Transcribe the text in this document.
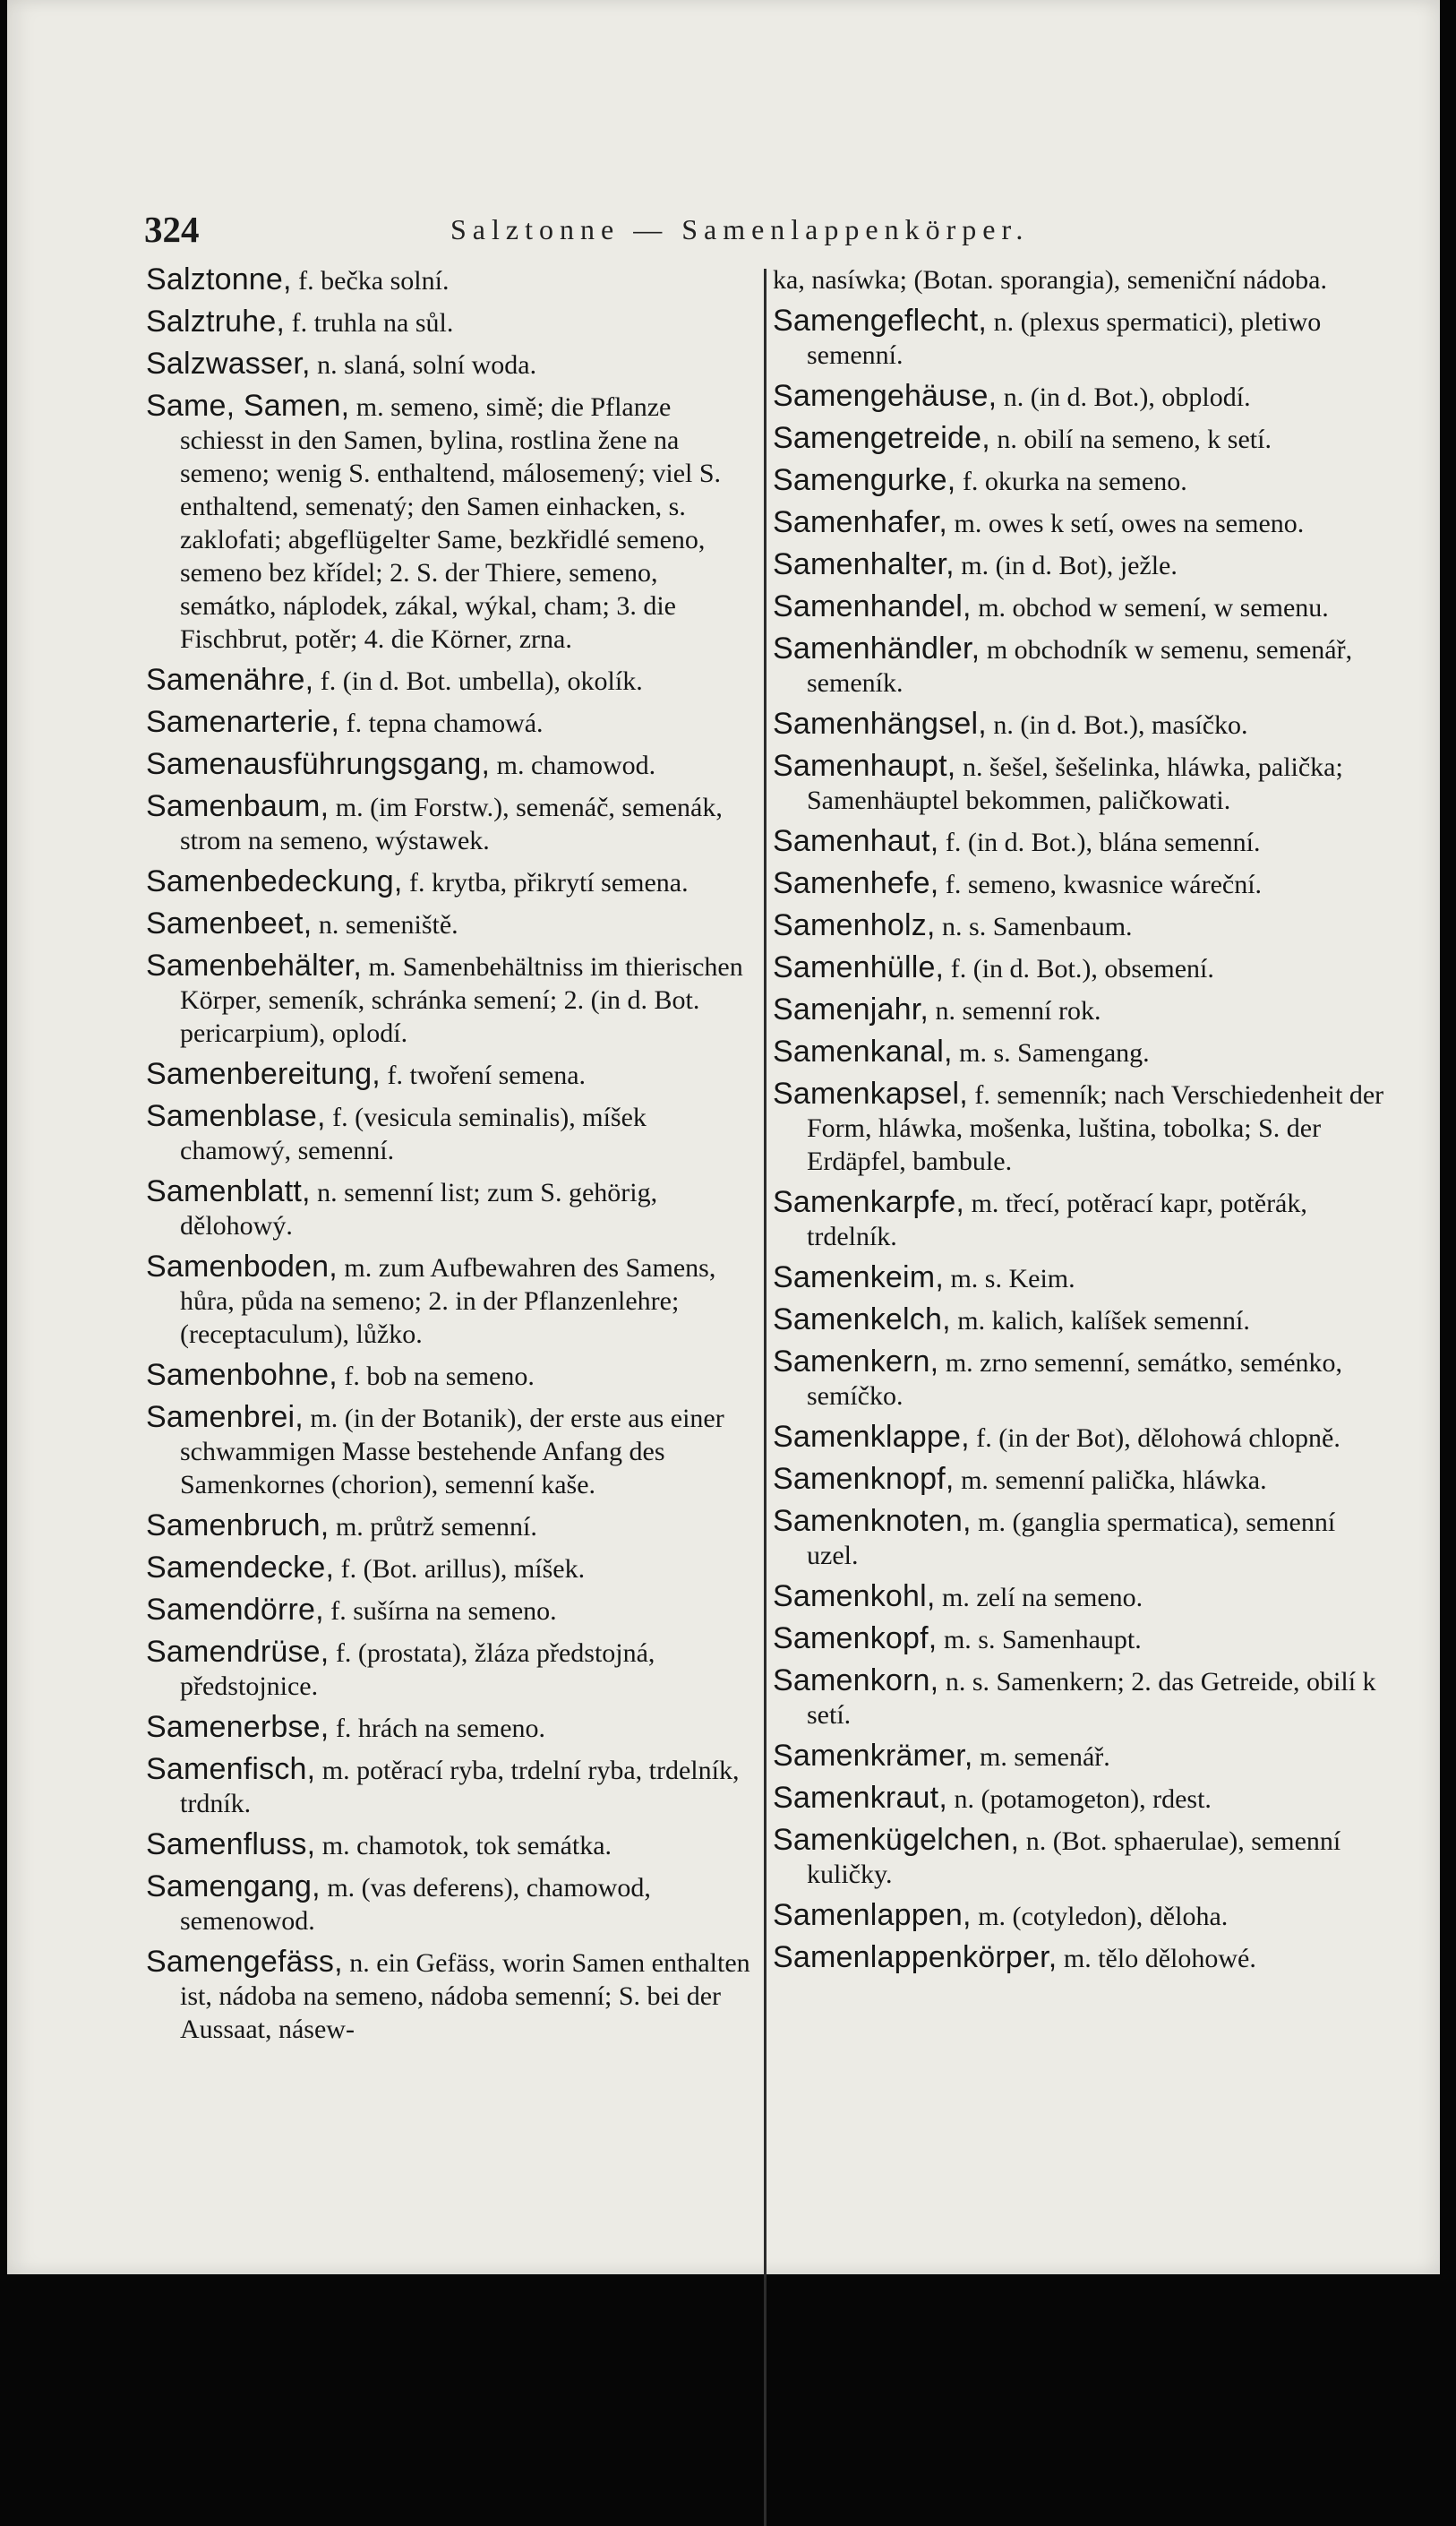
324	Salztonne — Samenlappenkörper.
Salztonne, f. bečka solní.
Salztruhe, f. truhla na sůl.
Salzwasser, n. slaná, solní woda.
Same, Samen, m. semeno, simě; die Pflanze schiesst in den Samen, bylina, rostlina žene na semeno; wenig S. enthaltend, málosemený; viel S. enthaltend, semenatý; den Samen einhacken, s. zaklofati; abgeflügelter Same, bezkřidlé semeno, semeno bez křídel; 2. S. der Thiere, semeno, semátko, náplodek, zákal, wýkal, cham; 3. die Fischbrut, potěr; 4. die Körner, zrna.
Samenähre, f. (in d. Bot. umbella), okolík.
Samenarterie, f. tepna chamowá.
Samenausführungsgang, m. chamowod.
Samenbaum, m. (im Forstw.), semenáč, semenák, strom na semeno, wýstawek.
Samenbedeckung, f. krytba, přikrytí semena.
Samenbeet, n. semeniště.
Samenbehälter, m. Samenbehältniss im thierischen Körper, semeník, schránka semení; 2. (in d. Bot. pericarpium), oplodí.
Samenbereitung, f. twoření semena.
Samenblase, f. (vesicula seminalis), míšek chamowý, semenní.
Samenblatt, n. semenní list; zum S. gehörig, dělohowý.
Samenboden, m. zum Aufbewahren des Samens, hůra, půda na semeno; 2. in der Pflanzenlehre; (receptaculum), lůžko.
Samenbohne, f. bob na semeno.
Samenbrei, m. (in der Botanik), der erste aus einer schwammigen Masse bestehende Anfang des Samenkornes (chorion), semenní kaše.
Samenbruch, m. průtrž semenní.
Samendecke, f. (Bot. arillus), míšek.
Samendörre, f. sušírna na semeno.
Samendrüse, f. (prostata), žláza předstojná, předstojnice.
Samenerbse, f. hrách na semeno.
Samenfisch, m. potěrací ryba, trdelní ryba, trdelník, trdník.
Samenfluss, m. chamotok, tok semátka.
Samengang, m. (vas deferens), chamowod, semenowod.
Samengefäss, n. ein Gefäss, worin Samen enthalten ist, nádoba na semeno, nádoba semenní; S. bei der Aussaat, násew-
ka, nasíwka; (Botan. sporangia), semeniční nádoba.
Samengeflecht, n. (plexus spermatici), pletiwo semenní.
Samengehäuse, n. (in d. Bot.), obplodí.
Samengetreide, n. obilí na semeno, k setí.
Samengurke, f. okurka na semeno.
Samenhafer, m. owes k setí, owes na semeno.
Samenhalter, m. (in d. Bot), ježle.
Samenhandel, m. obchod w semení, w semenu.
Samenhändler, m obchodník w semenu, semenář, semeník.
Samenhängsel, n. (in d. Bot.), masíčko.
Samenhaupt, n. šešel, šešelinka, hláwka, palička; Samenhäuptel bekommen, paličkowati.
Samenhaut, f. (in d. Bot.), blána semenní.
Samenhefe, f. semeno, kwasnice wáreční.
Samenholz, n. s. Samenbaum.
Samenhülle, f. (in d. Bot.), obsemení.
Samenjahr, n. semenní rok.
Samenkanal, m. s. Samengang.
Samenkapsel, f. semenník; nach Verschiedenheit der Form, hláwka, mošenka, luština, tobolka; S. der Erdäpfel, bambule.
Samenkarpfe, m. třecí, potěrací kapr, potěrák, trdelník.
Samenkeim, m. s. Keim.
Samenkelch, m. kalich, kalíšek semenní.
Samenkern, m. zrno semenní, semátko, seménko, semíčko.
Samenklappe, f. (in der Bot), dělohowá chlopně.
Samenknopf, m. semenní palička, hláwka.
Samenknoten, m. (ganglia spermatica), semenní uzel.
Samenkohl, m. zelí na semeno.
Samenkopf, m. s. Samenhaupt.
Samenkorn, n. s. Samenkern; 2. das Getreide, obilí k setí.
Samenkrämer, m. semenář.
Samenkraut, n. (potamogeton), rdest.
Samenkügelchen, n. (Bot. sphaerulae), semenní kuličky.
Samenlappen, m. (cotyledon), děloha.
Samenlappenkörper, m. tělo dělohowé.
